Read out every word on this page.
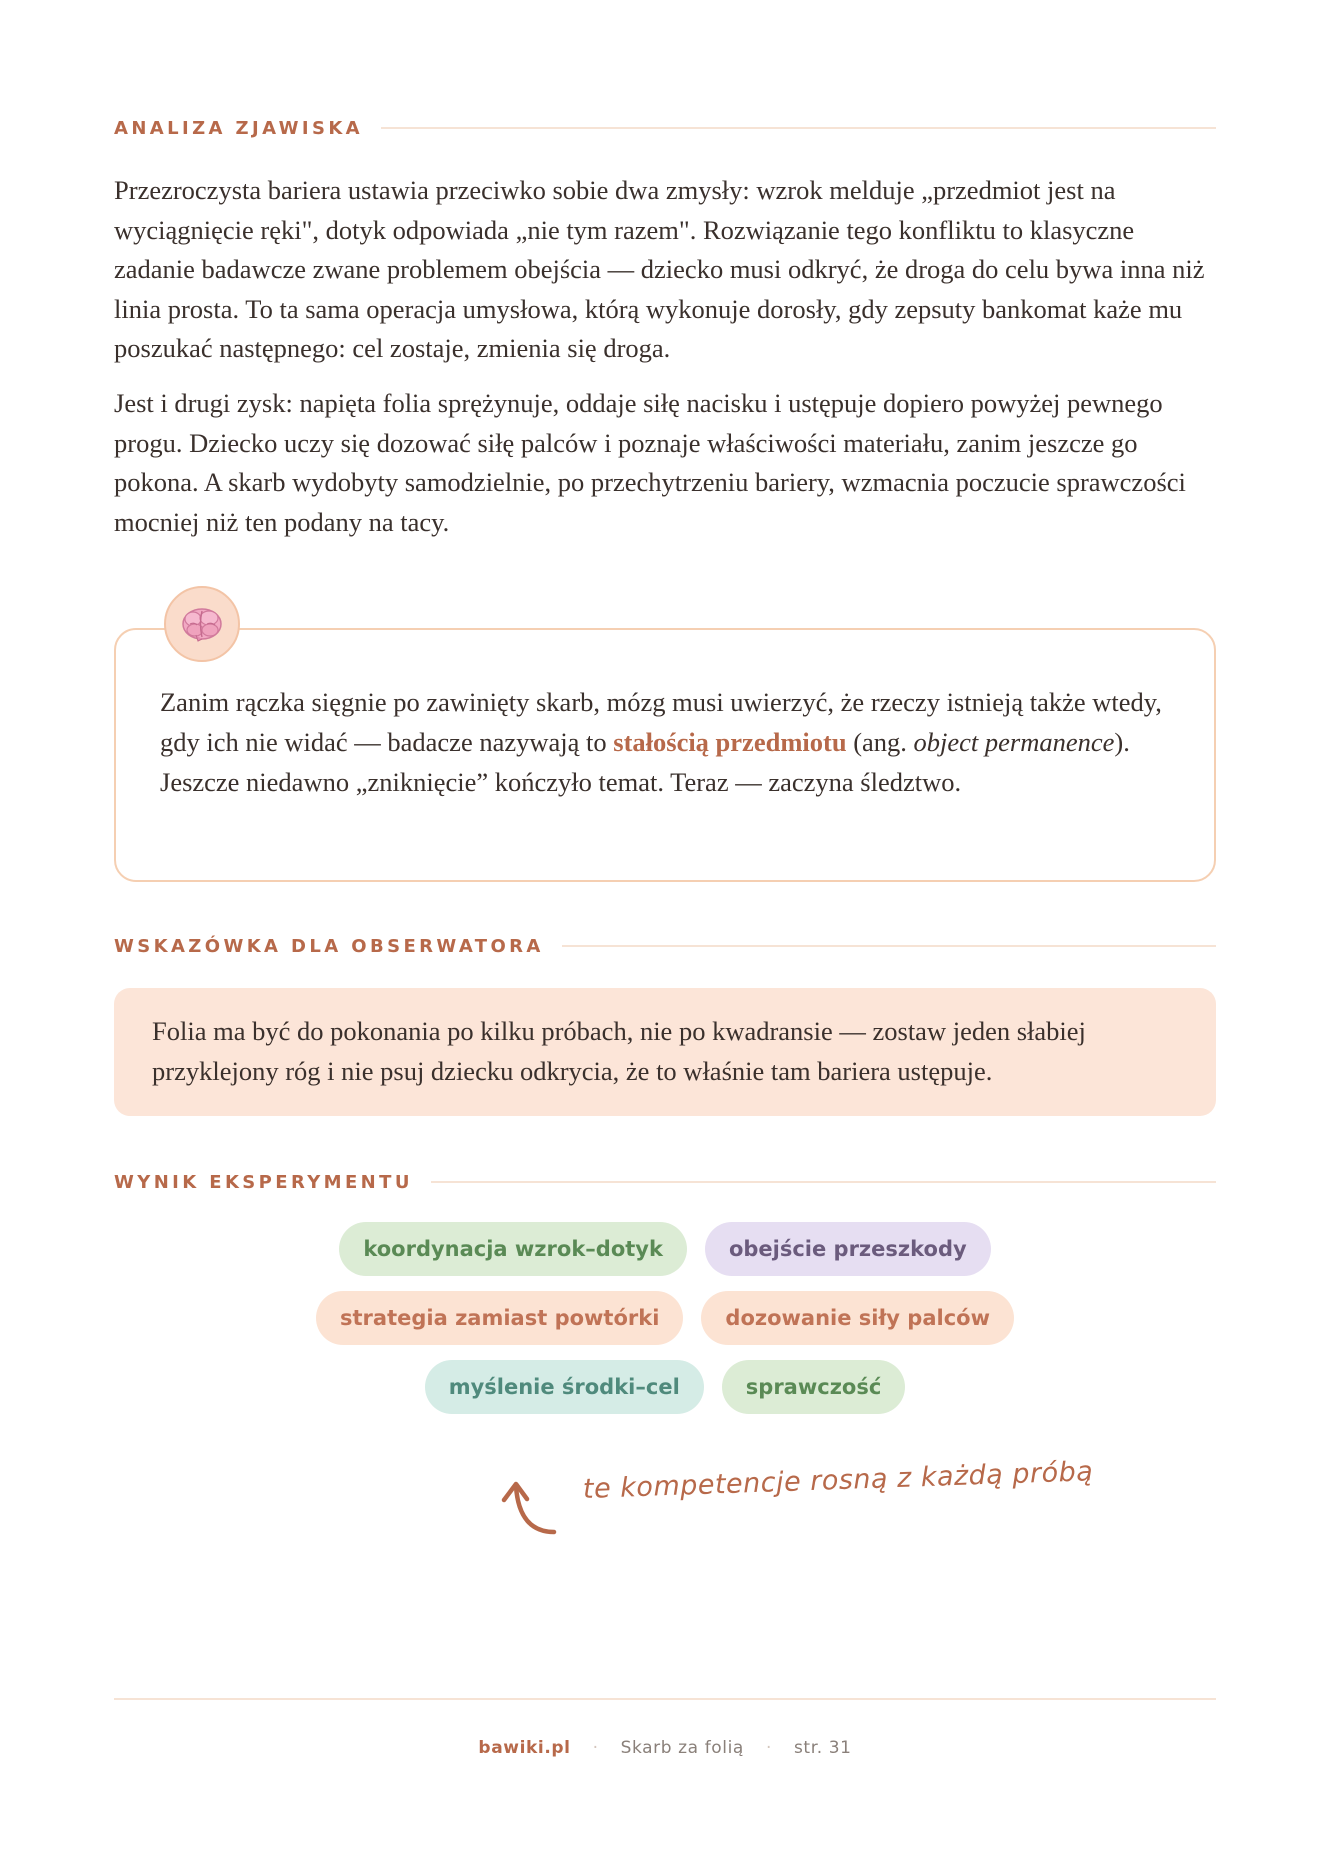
ANALIZA ZJAWISKA

Przezroczysta bariera ustawia przeciwko sobie dwa zmysły: wzrok melduje „przedmiot jest na wyciągnięcie ręki", dotyk odpowiada „nie tym razem". Rozwiązanie tego konfliktu to klasyczne zadanie badawcze zwane problemem obejścia — dziecko musi odkryć, że droga do celu bywa inna niż linia prosta. To ta sama operacja umysłowa, którą wykonuje dorosły, gdy zepsuty bankomat każe mu poszukać następnego: cel zostaje, zmienia się droga.

Jest i drugi zysk: napięta folia sprężynuje, oddaje siłę nacisku i ustępuje dopiero powyżej pewnego progu. Dziecko uczy się dozować siłę palców i poznaje właściwości materiału, zanim jeszcze go pokona. A skarb wydobyty samodzielnie, po przechytrzeniu bariery, wzmacnia poczucie sprawczości mocniej niż ten podany na tacy.

Zanim rączka sięgnie po zawinięty skarb, mózg musi uwierzyć, że rzeczy istnieją także wtedy, gdy ich nie widać — badacze nazywają to stałością przedmiotu (ang. object permanence). Jeszcze niedawno „zniknięcie” kończyło temat. Teraz — zaczyna śledztwo.

WSKAZÓWKA DLA OBSERWATORA

Folia ma być do pokonania po kilku próbach, nie po kwadransie — zostaw jeden słabiej przyklejony róg i nie psuj dziecku odkrycia, że to właśnie tam bariera ustępuje.

WYNIK EKSPERYMENTU
koordynacja wzrok–dotyk	obejście przeszkody
strategia zamiast powtórki	dozowanie siły palców
myślenie środki–cel	sprawczość
te kompetencje rosną z każdą próbą
bawiki.pl	·	Skarb za folią	·	str. 31
